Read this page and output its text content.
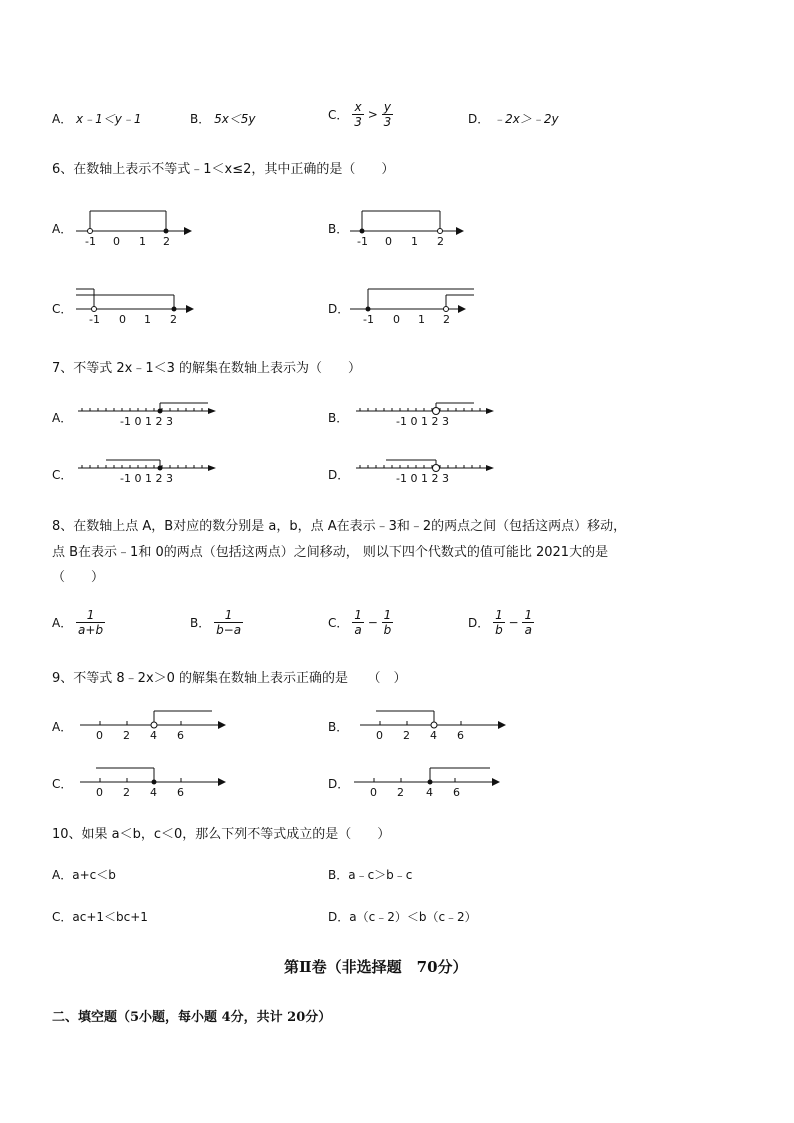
A． x﹣1＜y﹣1	B． 5x＜5y	C． $\frac{x}{3} > \frac{y}{3}$	D． ﹣2x＞﹣2y
6、在数轴上表示不等式﹣1＜x≤2，其中正确的是（　　）
A．
-1 0 1 2
B．
-1 0 1 2
C．
-1 0 1 2
D．
-1 0 1 2
7、不等式 2x﹣1＜3 的解集在数轴上表示为（　　）
A．	-1 0 1 2 3	B．	-1 0 1 2 3
C．	-1 0 1 2 3	D．	-1 0 1 2 3
8、在数轴上点 A，B对应的数分别是 a，b，点 A在表示﹣3和﹣2的两点之间（包括这两点）移动，
点 B在表示﹣1和 0的两点（包括这两点）之间移动， 则以下四个代数式的值可能比 2021大的是
（　　）
A． $\frac{1}{a+b}$	B． $\frac{1}{b-a}$	C． $\frac{1}{a} - \frac{1}{b}$	D． $\frac{1}{b} - \frac{1}{a}$
9、不等式 8﹣2x＞0 的解集在数轴上表示正确的是　　（　）
A．
0 2 4 6
B．
0 2 4 6
C．
0 2 4 6
D．
0 2 4 6
10、如果 a＜b，c＜0，那么下列不等式成立的是（　　）
A．a+c＜b	B．a﹣c＞b﹣c
C．ac+1＜bc+1	D．a（c﹣2）＜b（c﹣2）
第Ⅱ卷（非选择题　70分）
二、填空题（5小题，每小题 4分，共计 20分）
